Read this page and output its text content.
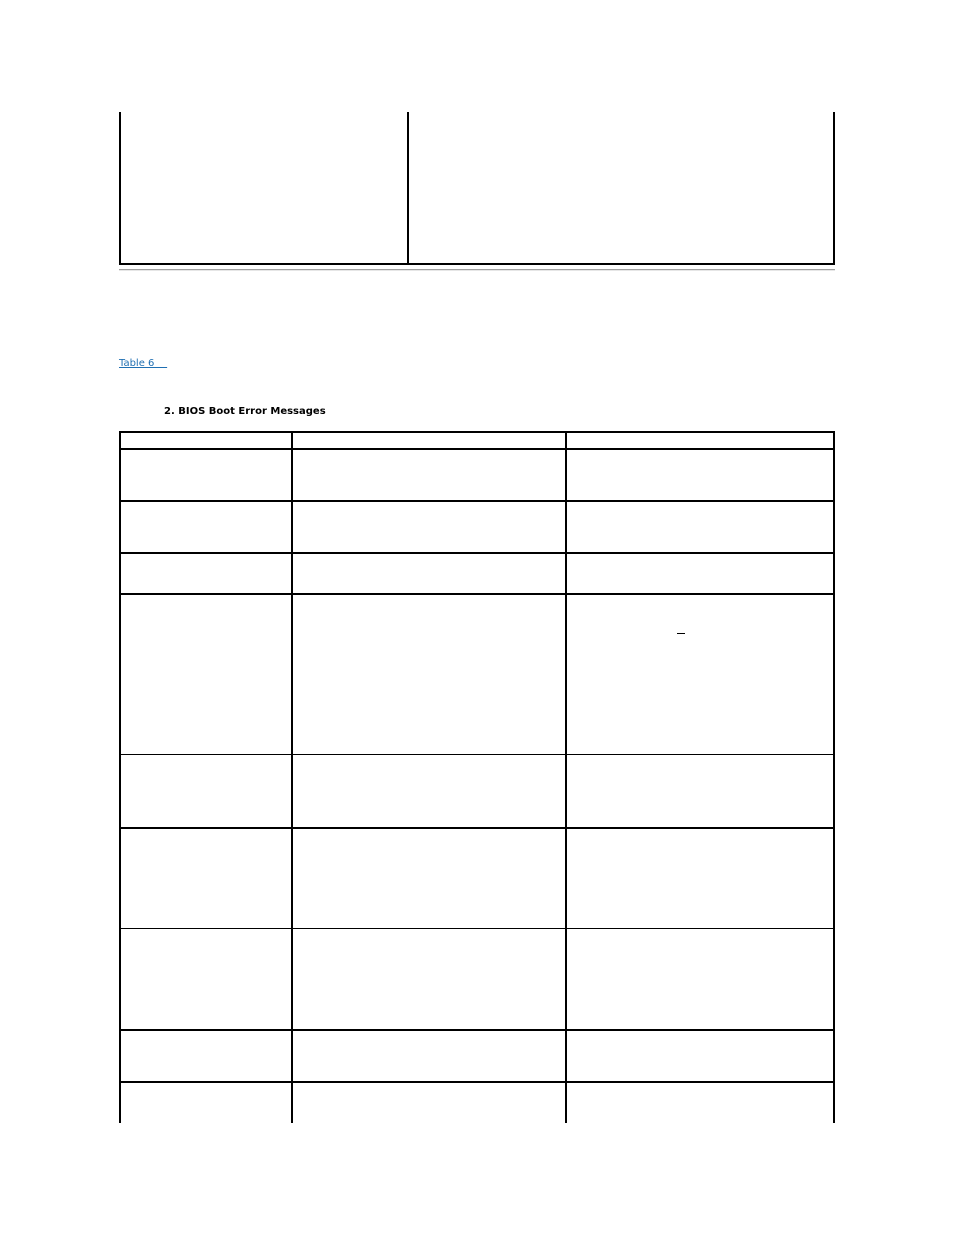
Table 6
2. BIOS Boot Error Messages
